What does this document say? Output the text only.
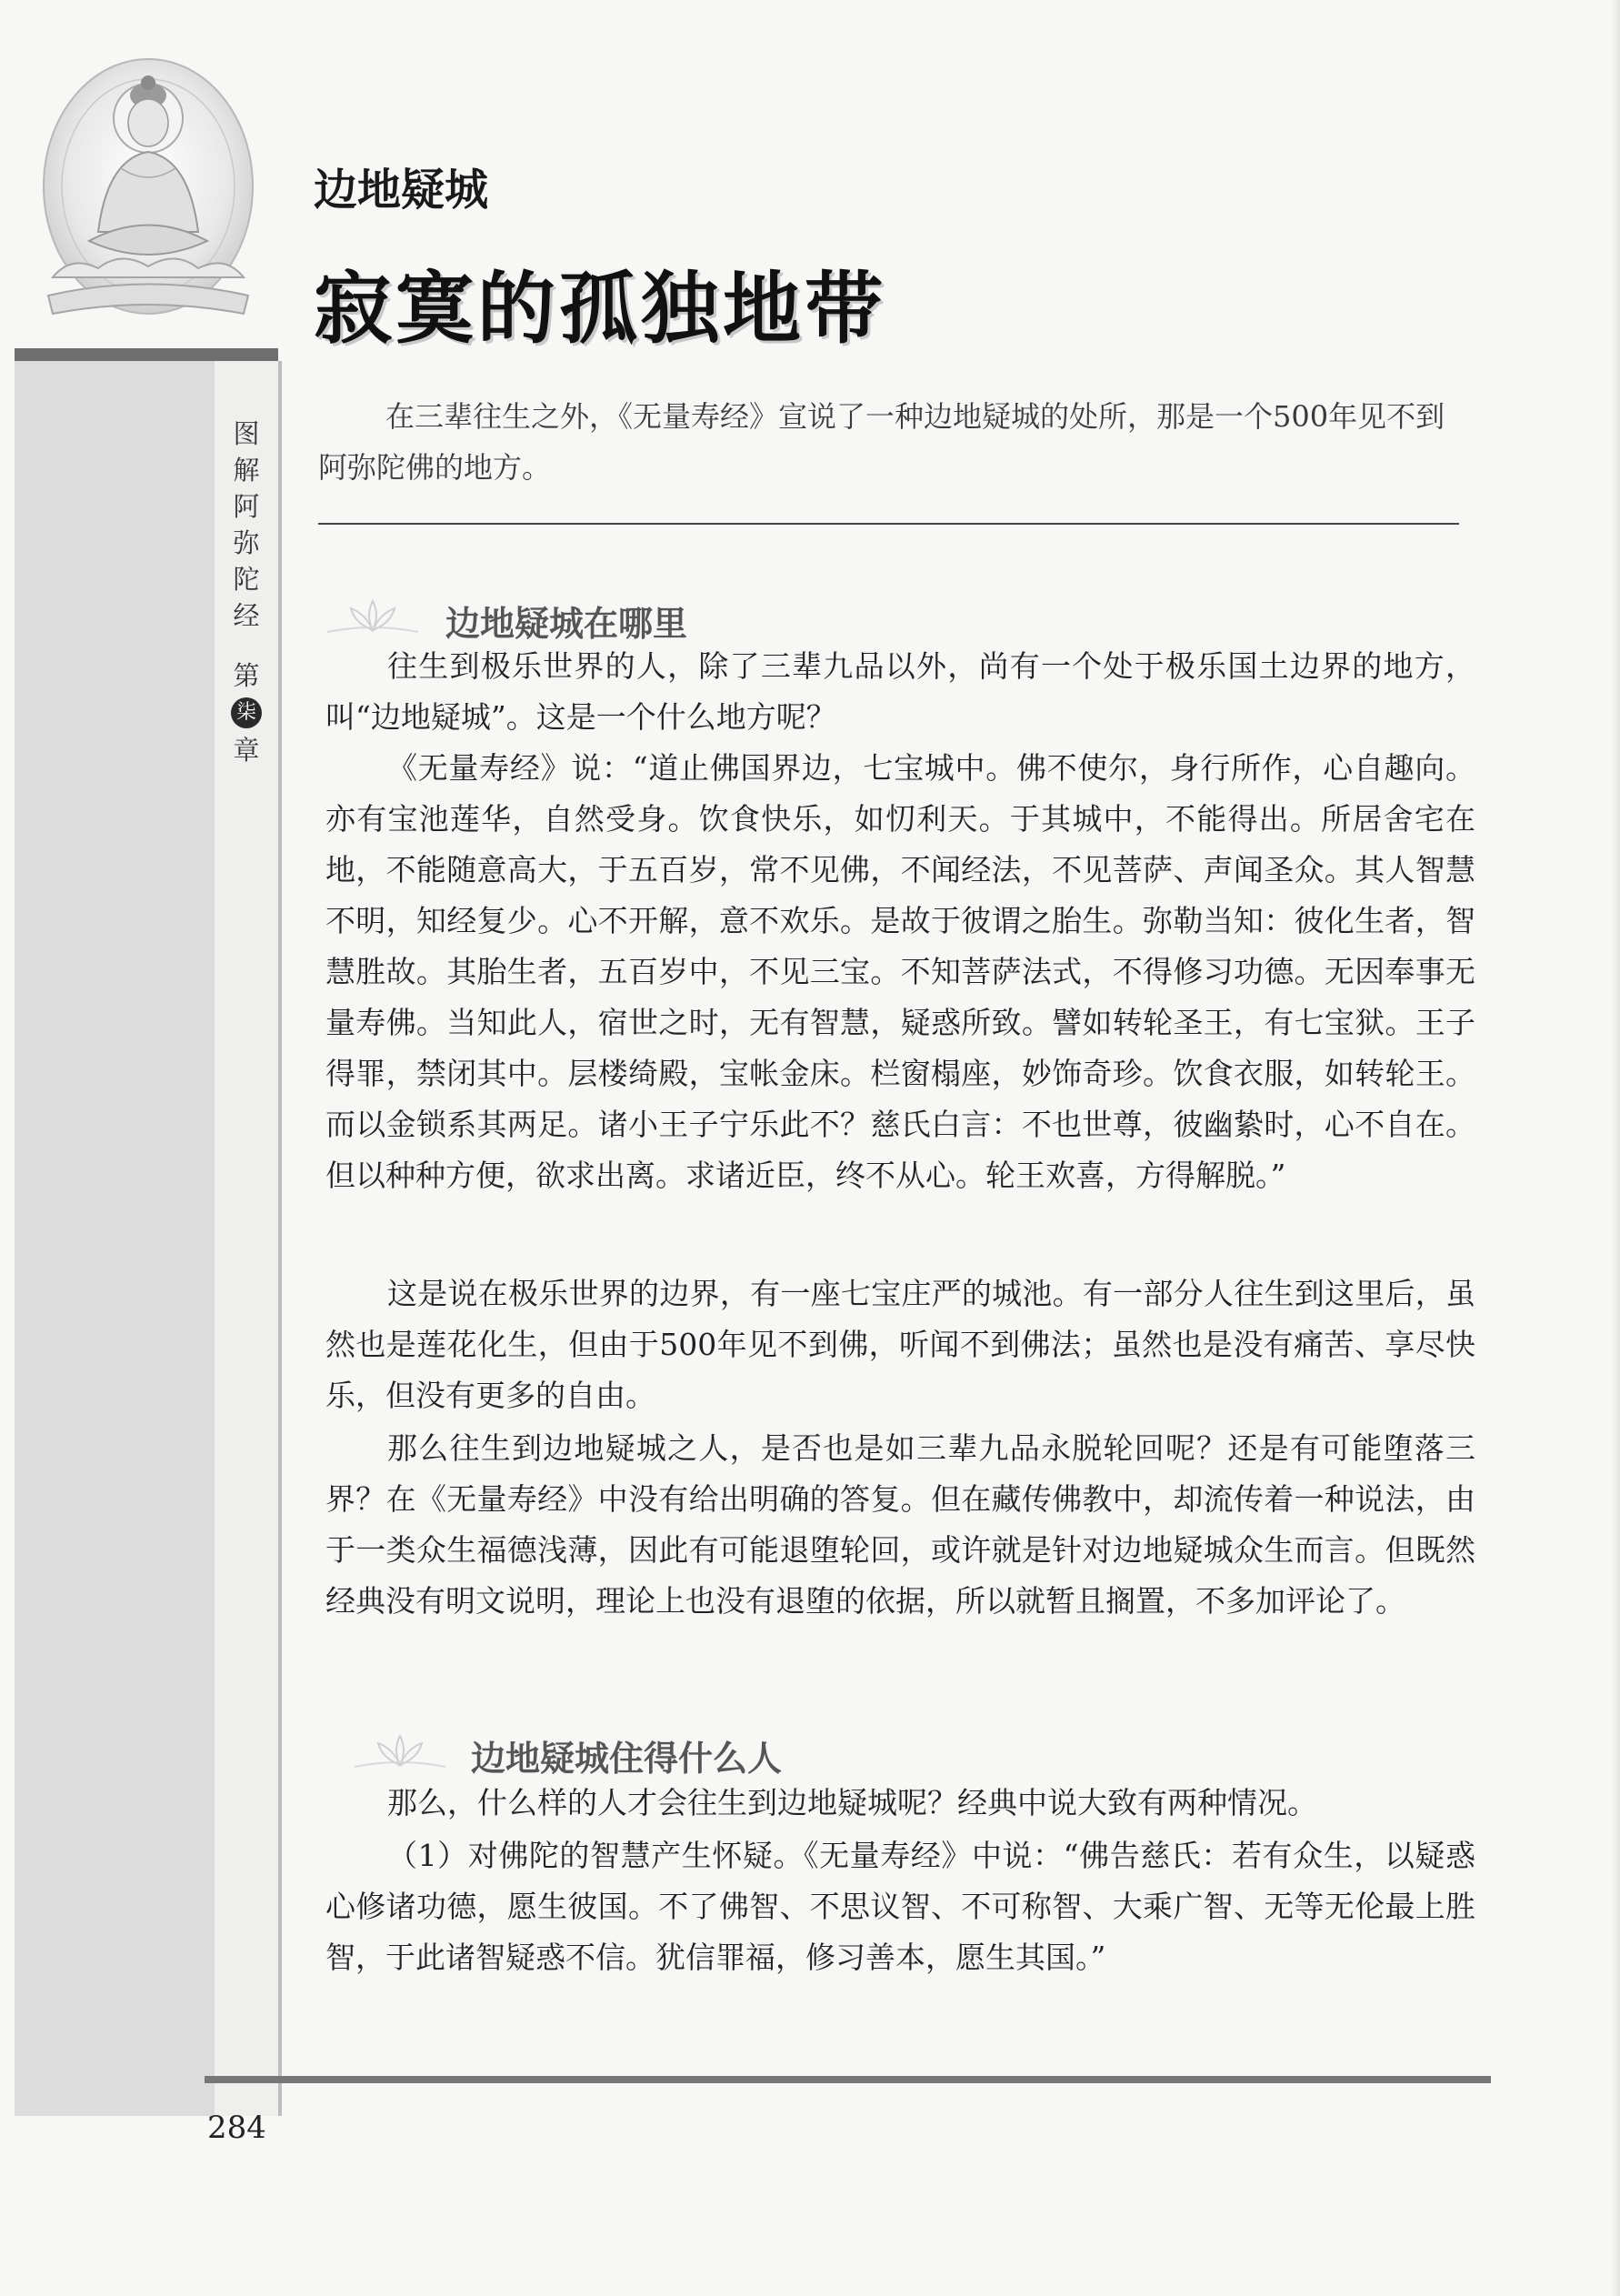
图
解
阿
弥
陀
经
第
柒
章
边地疑城
寂寞的孤独地带

在三辈往生之外，《无量寿经》宣说了一种边地疑城的处所，那是一个500年见不到阿弥陀佛的地方。

边地疑城在哪里

往生到极乐世界的人，除了三辈九品以外，尚有一个处于极乐国土边界的地方，叫“边地疑城”。这是一个什么地方呢？

《无量寿经》说：“道止佛国界边，七宝城中。佛不使尔，身行所作，心自趣向。亦有宝池莲华，自然受身。饮食快乐，如忉利天。于其城中，不能得出。所居舍宅在地，不能随意高大，于五百岁，常不见佛，不闻经法，不见菩萨、声闻圣众。其人智慧不明，知经复少。心不开解，意不欢乐。是故于彼谓之胎生。弥勒当知：彼化生者，智慧胜故。其胎生者，五百岁中，不见三宝。不知菩萨法式，不得修习功德。无因奉事无量寿佛。当知此人，宿世之时，无有智慧，疑惑所致。譬如转轮圣王，有七宝狱。王子得罪，禁闭其中。层楼绮殿，宝帐金床。栏窗榻座，妙饰奇珍。饮食衣服，如转轮王。而以金锁系其两足。诸小王子宁乐此不？慈氏白言：不也世尊，彼幽絷时，心不自在。但以种种方便，欲求出离。求诸近臣，终不从心。轮王欢喜，方得解脱。”

这是说在极乐世界的边界，有一座七宝庄严的城池。有一部分人往生到这里后，虽然也是莲花化生，但由于500年见不到佛，听闻不到佛法；虽然也是没有痛苦、享尽快乐，但没有更多的自由。

那么往生到边地疑城之人，是否也是如三辈九品永脱轮回呢？还是有可能堕落三界？在《无量寿经》中没有给出明确的答复。但在藏传佛教中，却流传着一种说法，由于一类众生福德浅薄，因此有可能退堕轮回，或许就是针对边地疑城众生而言。但既然经典没有明文说明，理论上也没有退堕的依据，所以就暂且搁置，不多加评论了。

边地疑城住得什么人

那么，什么样的人才会往生到边地疑城呢？经典中说大致有两种情况。

（1）对佛陀的智慧产生怀疑。《无量寿经》中说：“佛告慈氏：若有众生，以疑惑心修诸功德，愿生彼国。不了佛智、不思议智、不可称智、大乘广智、无等无伦最上胜智，于此诸智疑惑不信。犹信罪福，修习善本，愿生其国。”

284
